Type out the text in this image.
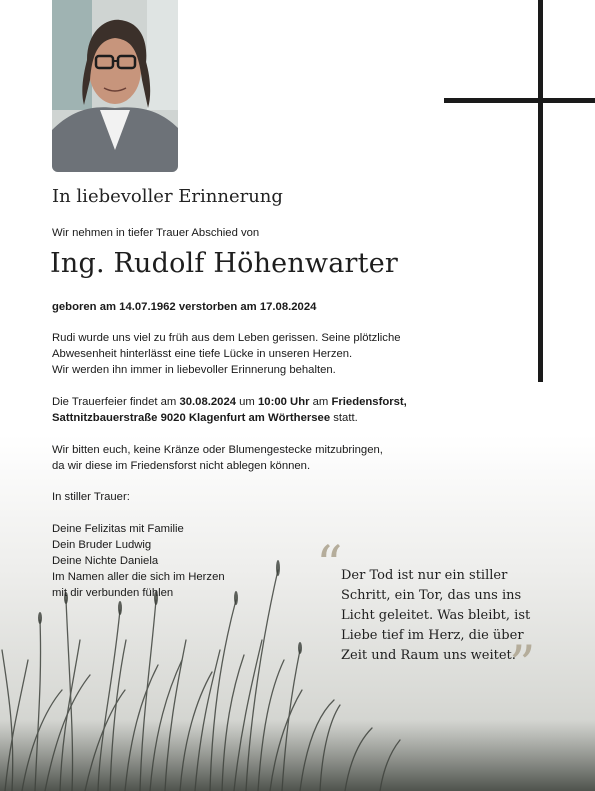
In liebevoller Erinnerung
Wir nehmen in tiefer Trauer Abschied von
Ing. Rudolf Höhenwarter
geboren am 14.07.1962 verstorben am 17.08.2024
Rudi wurde uns viel zu früh aus dem Leben gerissen. Seine plötzliche
Abwesenheit hinterlässt eine tiefe Lücke in unseren Herzen.
Wir werden ihn immer in liebevoller Erinnerung behalten.
Die Trauerfeier findet am 30.08.2024 um 10:00 Uhr am Friedensforst,
Sattnitzbauerstraße 9020 Klagenfurt am Wörthersee statt.
Wir bitten euch, keine Kränze oder Blumengestecke mitzubringen,
da wir diese im Friedensforst nicht ablegen können.
In stiller Trauer:
Deine Felizitas mit Familie
Dein Bruder Ludwig
Deine Nichte Daniela
Im Namen aller die sich im Herzen
mit dir verbunden fühlen	“
Der Tod ist nur ein stiller
Schritt, ein Tor, das uns ins
Licht geleitet. Was bleibt, ist
Liebe tief im Herz, die über
Zeit und Raum uns weitet.
”
